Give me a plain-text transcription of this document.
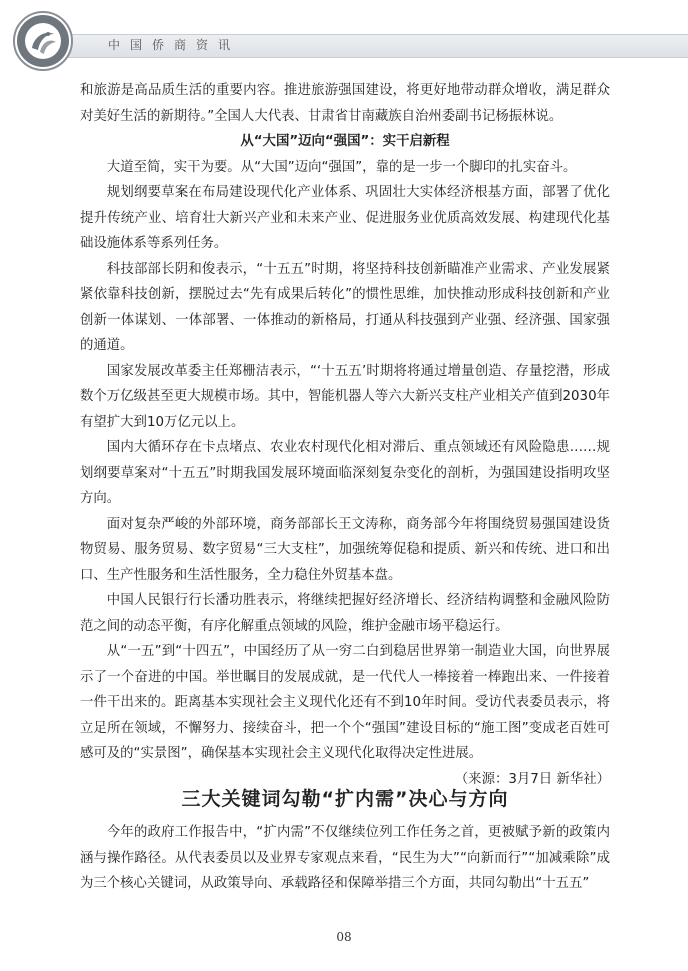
中国侨商资讯

和旅游是高品质生活的重要内容。推进旅游强国建设，将更好地带动群众增收，满足群众对美好生活的新期待。”全国人大代表、甘肃省甘南藏族自治州委副书记杨振林说。

从“大国”迈向“强国”：实干启新程

大道至简，实干为要。从“大国”迈向“强国”，靠的是一步一个脚印的扎实奋斗。

规划纲要草案在布局建设现代化产业体系、巩固壮大实体经济根基方面，部署了优化提升传统产业、培育壮大新兴产业和未来产业、促进服务业优质高效发展、构建现代化基础设施体系等系列任务。

科技部部长阴和俊表示，“十五五”时期，将坚持科技创新瞄准产业需求、产业发展紧紧依靠科技创新，摆脱过去“先有成果后转化”的惯性思维，加快推动形成科技创新和产业创新一体谋划、一体部署、一体推动的新格局，打通从科技强到产业强、经济强、国家强的通道。

国家发展改革委主任郑栅洁表示，“‘十五五’时期将将通过增量创造、存量挖潜，形成数个万亿级甚至更大规模市场。其中，智能机器人等六大新兴支柱产业相关产值到2030年有望扩大到10万亿元以上。

国内大循环存在卡点堵点、农业农村现代化相对滞后、重点领域还有风险隐患……规划纲要草案对“十五五”时期我国发展环境面临深刻复杂变化的剖析，为强国建设指明攻坚方向。

面对复杂严峻的外部环境，商务部部长王文涛称，商务部今年将围绕贸易强国建设货物贸易、服务贸易、数字贸易“三大支柱”，加强统筹促稳和提质、新兴和传统、进口和出口、生产性服务和生活性服务，全力稳住外贸基本盘。

中国人民银行行长潘功胜表示，将继续把握好经济增长、经济结构调整和金融风险防范之间的动态平衡，有序化解重点领域的风险，维护金融市场平稳运行。

从“一五”到“十四五”，中国经历了从一穷二白到稳居世界第一制造业大国，向世界展示了一个奋进的中国。举世瞩目的发展成就，是一代代人一棒接着一棒跑出来、一件接着一件干出来的。距离基本实现社会主义现代化还有不到10年时间。受访代表委员表示，将立足所在领域，不懈努力、接续奋斗，把一个个“强国”建设目标的“施工图”变成老百姓可感可及的“实景图”，确保基本实现社会主义现代化取得决定性进展。

（来源：3月7日 新华社）

三大关键词勾勒“扩内需”决心与方向

今年的政府工作报告中，“扩内需”不仅继续位列工作任务之首，更被赋予新的政策内涵与操作路径。从代表委员以及业界专家观点来看，“民生为大”“向新而行”“加减乘除”成为三个核心关键词，从政策导向、承载路径和保障举措三个方面，共同勾勒出“十五五”

08
